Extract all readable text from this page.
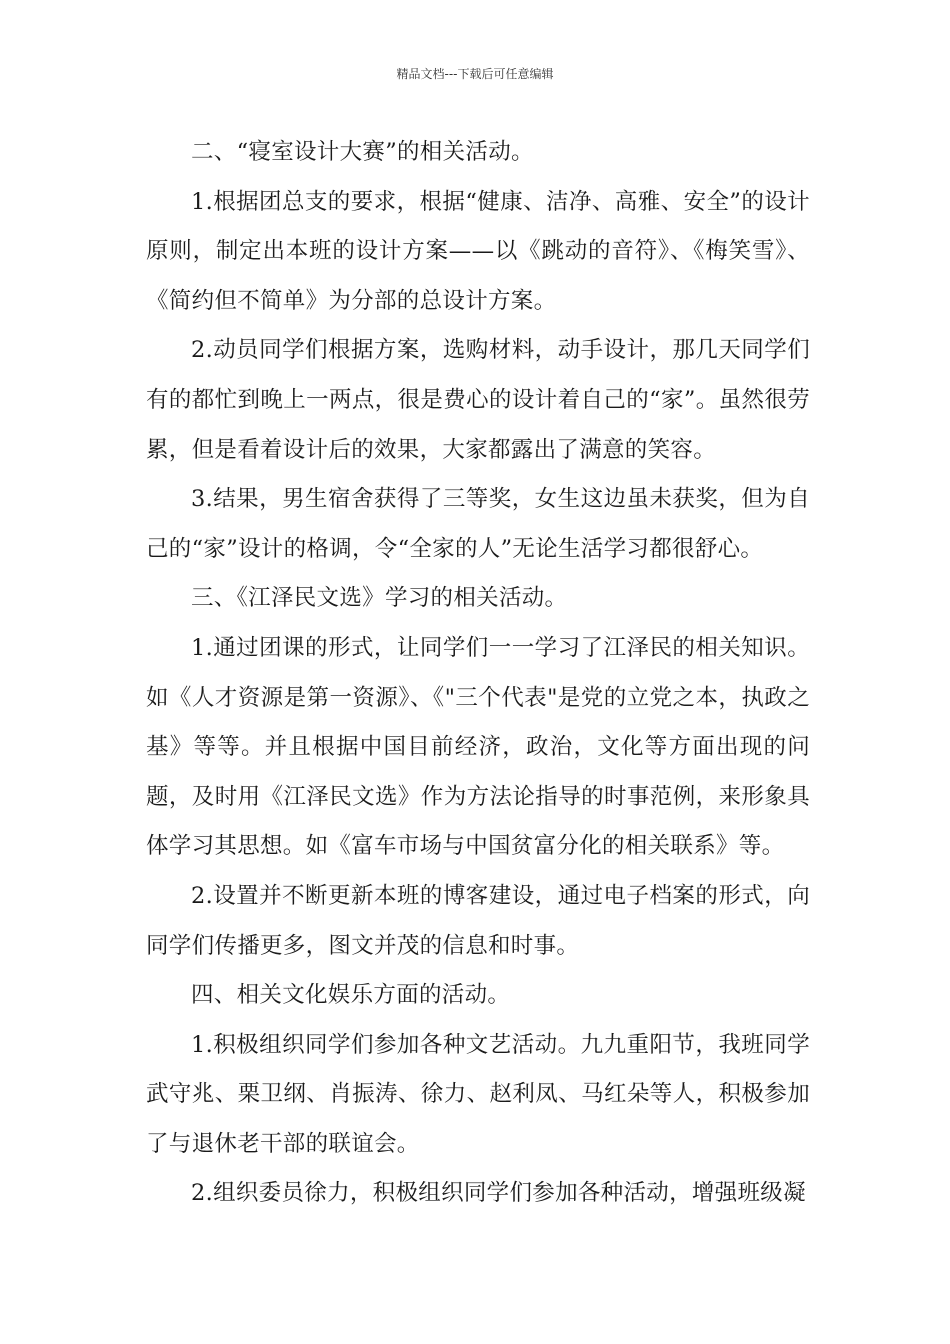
精品文档---下载后可任意编辑

二、“寝室设计大赛”的相关活动。

1.根据团总支的要求，根据“健康、洁净、高雅、安全”的设计原则，制定出本班的设计方案——以《跳动的音符》、《梅笑雪》、《简约但不简单》为分部的总设计方案。

2.动员同学们根据方案，选购材料，动手设计，那几天同学们有的都忙到晚上一两点，很是费心的设计着自己的“家”。虽然很劳累，但是看着设计后的效果，大家都露出了满意的笑容。

3.结果，男生宿舍获得了三等奖，女生这边虽未获奖，但为自己的“家”设计的格调，令“全家的人”无论生活学习都很舒心。

三、《江泽民文选》学习的相关活动。

1.通过团课的形式，让同学们一一学习了江泽民的相关知识。如《人才资源是第一资源》、《"三个代表"是党的立党之本，执政之基》等等。并且根据中国目前经济，政治，文化等方面出现的问题，及时用《江泽民文选》作为方法论指导的时事范例，来形象具体学习其思想。如《富车市场与中国贫富分化的相关联系》等。

2.设置并不断更新本班的博客建设，通过电子档案的形式，向同学们传播更多，图文并茂的信息和时事。

四、相关文化娱乐方面的活动。

1.积极组织同学们参加各种文艺活动。九九重阳节，我班同学武守兆、栗卫纲、肖振涛、徐力、赵利凤、马红朵等人，积极参加了与退休老干部的联谊会。

2.组织委员徐力，积极组织同学们参加各种活动，增强班级凝
